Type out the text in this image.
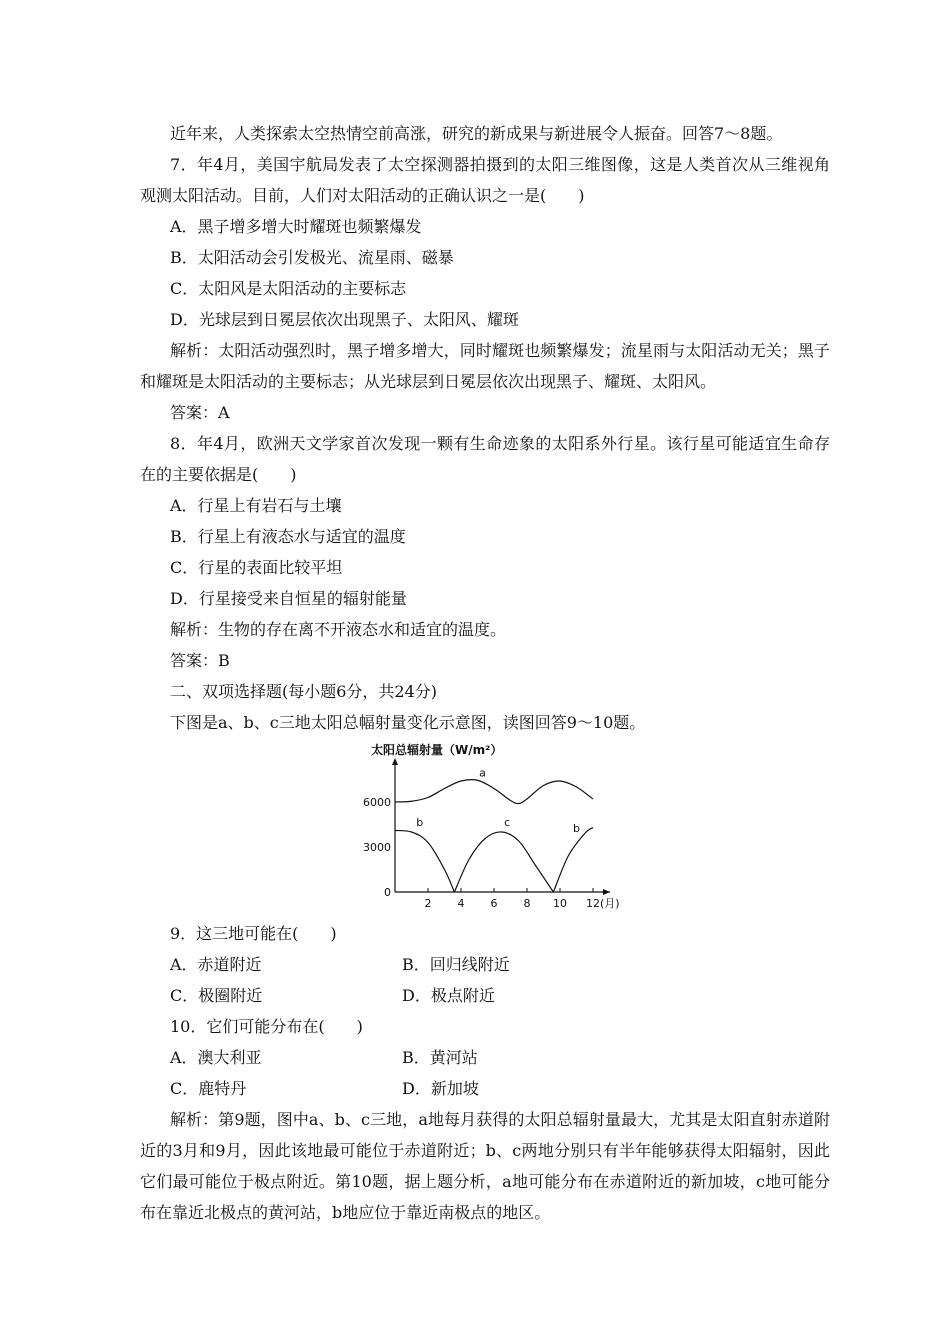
近年来，人类探索太空热情空前高涨，研究的新成果与新进展令人振奋。回答7～8题。
7．年4月，美国宇航局发表了太空探测器拍摄到的太阳三维图像，这是人类首次从三维视角观测太阳活动。目前，人们对太阳活动的正确认识之一是(　　)
A．黑子增多增大时耀斑也频繁爆发
B．太阳活动会引发极光、流星雨、磁暴
C．太阳风是太阳活动的主要标志
D．光球层到日冕层依次出现黑子、太阳风、耀斑
解析：太阳活动强烈时，黑子增多增大，同时耀斑也频繁爆发；流星雨与太阳活动无关；黑子和耀斑是太阳活动的主要标志；从光球层到日冕层依次出现黑子、耀斑、太阳风。
答案：A
8．年4月，欧洲天文学家首次发现一颗有生命迹象的太阳系外行星。该行星可能适宜生命存在的主要依据是(　　)
A．行星上有岩石与土壤
B．行星上有液态水与适宜的温度
C．行星的表面比较平坦
D．行星接受来自恒星的辐射能量
解析：生物的存在离不开液态水和适宜的温度。
答案：B
二、双项选择题(每小题6分，共24分)
下图是a、b、c三地太阳总幅射量变化示意图，读图回答9～10题。
太阳总辐射量（W/m²）
2 4 6 8 10 12 (月)
0
3000
6000
a
b	c	b
9．这三地可能在(　　)
A．赤道附近	B．回归线附近
C．极圈附近	D．极点附近
10．它们可能分布在(　　)
A．澳大利亚	B．黄河站
C．鹿特丹	D．新加坡
解析：第9题，图中a、b、c三地，a地每月获得的太阳总辐射量最大，尤其是太阳直射赤道附近的3月和9月，因此该地最可能位于赤道附近；b、c两地分别只有半年能够获得太阳辐射，因此它们最可能位于极点附近。第10题，据上题分析，a地可能分布在赤道附近的新加坡，c地可能分布在靠近北极点的黄河站，b地应位于靠近南极点的地区。
